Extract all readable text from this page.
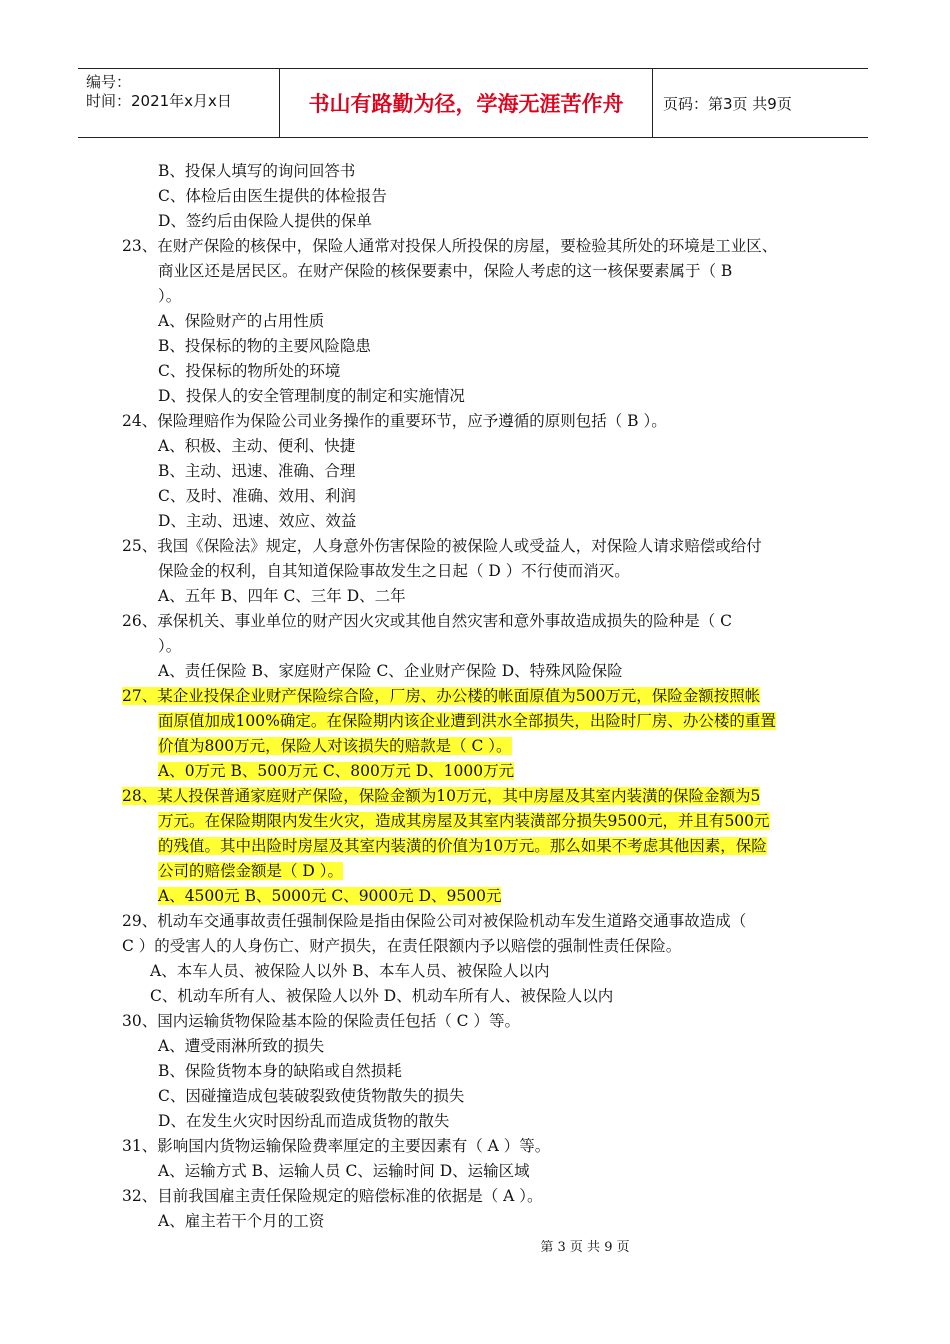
编号：
时间：2021年x月x日	书山有路勤为径，学海无涯苦作舟	页码：第3页 共9页
B、投保人填写的询问回答书
C、体检后由医生提供的体检报告
D、签约后由保险人提供的保单
23、在财产保险的核保中，保险人通常对投保人所投保的房屋，要检验其所处的环境是工业区、
商业区还是居民区。在财产保险的核保要素中，保险人考虑的这一核保要素属于（ B
）。
A、保险财产的占用性质
B、投保标的物的主要风险隐患
C、投保标的物所处的环境
D、投保人的安全管理制度的制定和实施情况
24、保险理赔作为保险公司业务操作的重要环节，应予遵循的原则包括（ B ）。
A、积极、主动、便利、快捷
B、主动、迅速、准确、合理
C、及时、准确、效用、利润
D、主动、迅速、效应、效益
25、我国《保险法》规定，人身意外伤害保险的被保险人或受益人，对保险人请求赔偿或给付
保险金的权利，自其知道保险事故发生之日起（ D ）不行使而消灭。
A、五年 B、四年 C、三年 D、二年
26、承保机关、事业单位的财产因火灾或其他自然灾害和意外事故造成损失的险种是（ C
）。
A、责任保险 B、家庭财产保险 C、企业财产保险 D、特殊风险保险
27、某企业投保企业财产保险综合险，厂房、办公楼的帐面原值为500万元，保险金额按照帐
面原值加成100%确定。在保险期内该企业遭到洪水全部损失，出险时厂房、办公楼的重置
价值为800万元，保险人对该损失的赔款是（ C ）。
A、0万元 B、500万元 C、800万元 D、1000万元
28、某人投保普通家庭财产保险，保险金额为10万元，其中房屋及其室内装潢的保险金额为5
万元。在保险期限内发生火灾，造成其房屋及其室内装潢部分损失9500元，并且有500元
的残值。其中出险时房屋及其室内装潢的价值为10万元。那么如果不考虑其他因素，保险
公司的赔偿金额是（ D ）。
A、4500元 B、5000元 C、9000元 D、9500元
29、机动车交通事故责任强制保险是指由保险公司对被保险机动车发生道路交通事故造成（
C ）的受害人的人身伤亡、财产损失，在责任限额内予以赔偿的强制性责任保险。
A、本车人员、被保险人以外 B、本车人员、被保险人以内
C、机动车所有人、被保险人以外 D、机动车所有人、被保险人以内
30、国内运输货物保险基本险的保险责任包括（ C ）等。
A、遭受雨淋所致的损失
B、保险货物本身的缺陷或自然损耗
C、因碰撞造成包装破裂致使货物散失的损失
D、在发生火灾时因纷乱而造成货物的散失
31、影响国内货物运输保险费率厘定的主要因素有（ A ）等。
A、运输方式 B、运输人员 C、运输时间 D、运输区域
32、目前我国雇主责任保险规定的赔偿标准的依据是（ A ）。
A、雇主若干个月的工资
第 3 页 共 9 页
